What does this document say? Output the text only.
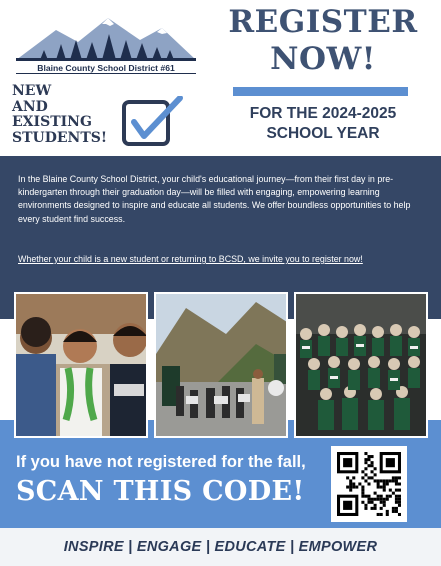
Blaine County School District #61
REGISTER
NOW!
FOR THE 2024-2025
SCHOOL YEAR
NEW
AND
EXISTING
STUDENTS!

In the Blaine County School District, your child's educational journey—from their first day in pre-kindergarten through their graduation day—will be filled with engaging, empowering learning environments designed to inspire and educate all students. We offer boundless opportunities to help every student find success.

Whether your child is a new student or returning to BCSD, we invite you to register now!

If you have not registered for the fall,
SCAN THIS CODE!
INSPIRE | ENGAGE | EDUCATE | EMPOWER
